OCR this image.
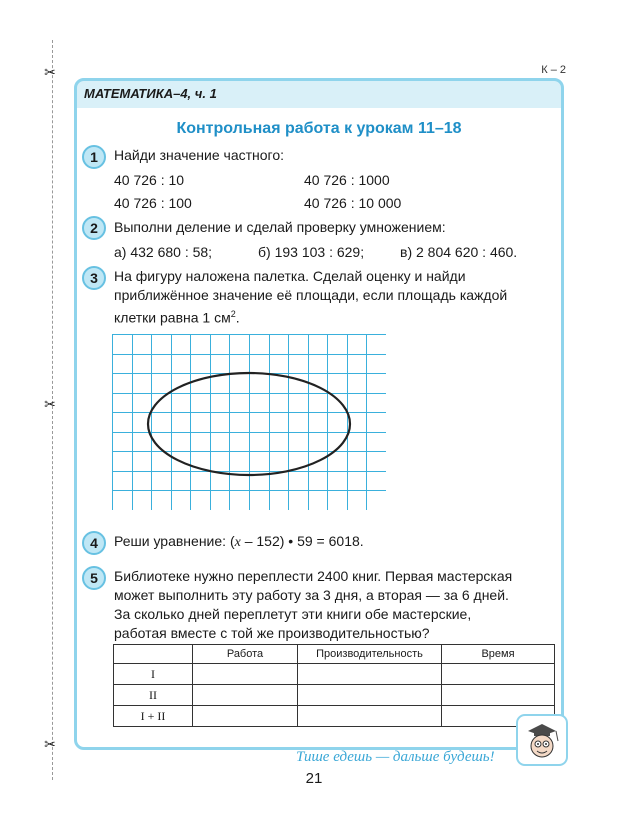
✂
✂
✂
К – 2
МАТЕМАТИКА–4, ч. 1
Контрольная работа к урокам 11–18
1	Найди значение частного:
40 726 : 10	40 726 : 1000
40 726 : 100	40 726 : 10 000
2	Выполни деление и сделай проверку умножением:
а) 432 680 : 58;	б) 193 103 : 629;	в) 2 804 620 : 460.
3	На фигуру наложена палетка. Сделай оценку и найди
приближённое значение её площади, если площадь каждой
клетки равна 1 $см^2$.
4	Реши уравнение: (x – 152) • 59 = 6018.
5	Библиотеке нужно переплести 2400 книг. Первая мастерская
может выполнить эту работу за 3 дня, а вторая — за 6 дней.
За сколько дней переплетут эти книги обе мастерские,
работая вместе с той же производительностью?
	Работа	Производительность	Время
I			
II			
I + II			
Тише едешь — дальше будешь!
21
